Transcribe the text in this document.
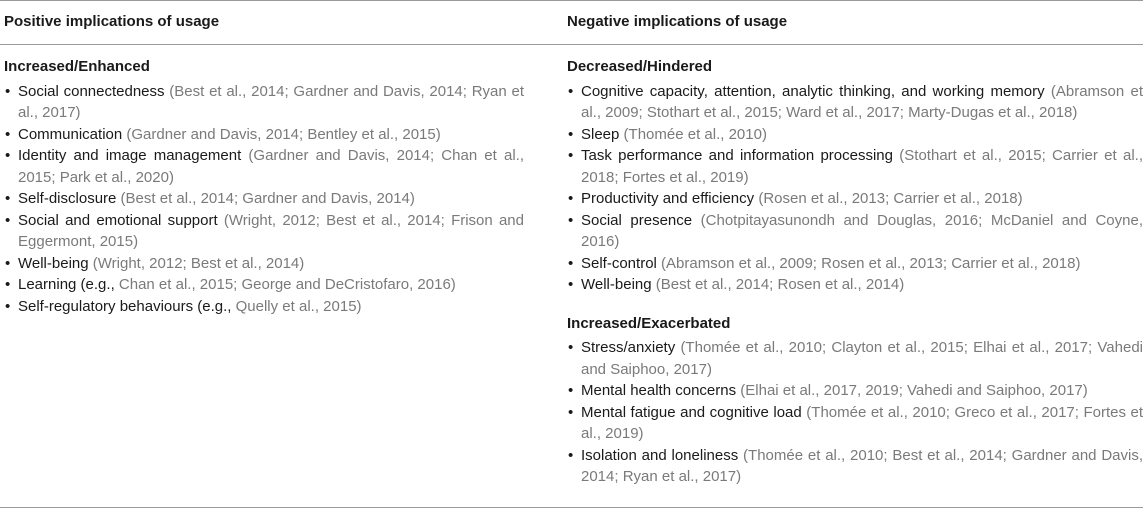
Positive implications of usage	Negative implications of usage
Increased/Enhanced
• Social connectedness (Best et al., 2014; Gardner and Davis, 2014; Ryan et al., 2017)
• Communication (Gardner and Davis, 2014; Bentley et al., 2015)
• Identity and image management (Gardner and Davis, 2014; Chan et al., 2015; Park et al., 2020)
• Self-disclosure (Best et al., 2014; Gardner and Davis, 2014)
• Social and emotional support (Wright, 2012; Best et al., 2014; Frison and Eggermont, 2015)
• Well-being (Wright, 2012; Best et al., 2014)
• Learning (e.g., Chan et al., 2015; George and DeCristofaro, 2016)
• Self-regulatory behaviours (e.g., Quelly et al., 2015)
Decreased/Hindered
• Cognitive capacity, attention, analytic thinking, and working memory (Abramson et al., 2009; Stothart et al., 2015; Ward et al., 2017; Marty-Dugas et al., 2018)
• Sleep (Thomée et al., 2010)
• Task performance and information processing (Stothart et al., 2015; Carrier et al., 2018; Fortes et al., 2019)
• Productivity and efficiency (Rosen et al., 2013; Carrier et al., 2018)
• Social presence (Chotpitayasunondh and Douglas, 2016; McDaniel and Coyne, 2016)
• Self-control (Abramson et al., 2009; Rosen et al., 2013; Carrier et al., 2018)
• Well-being (Best et al., 2014; Rosen et al., 2014)
Increased/Exacerbated
• Stress/anxiety (Thomée et al., 2010; Clayton et al., 2015; Elhai et al., 2017; Vahedi and Saiphoo, 2017)
• Mental health concerns (Elhai et al., 2017, 2019; Vahedi and Saiphoo, 2017)
• Mental fatigue and cognitive load (Thomée et al., 2010; Greco et al., 2017; Fortes et al., 2019)
• Isolation and loneliness (Thomée et al., 2010; Best et al., 2014; Gardner and Davis, 2014; Ryan et al., 2017)
